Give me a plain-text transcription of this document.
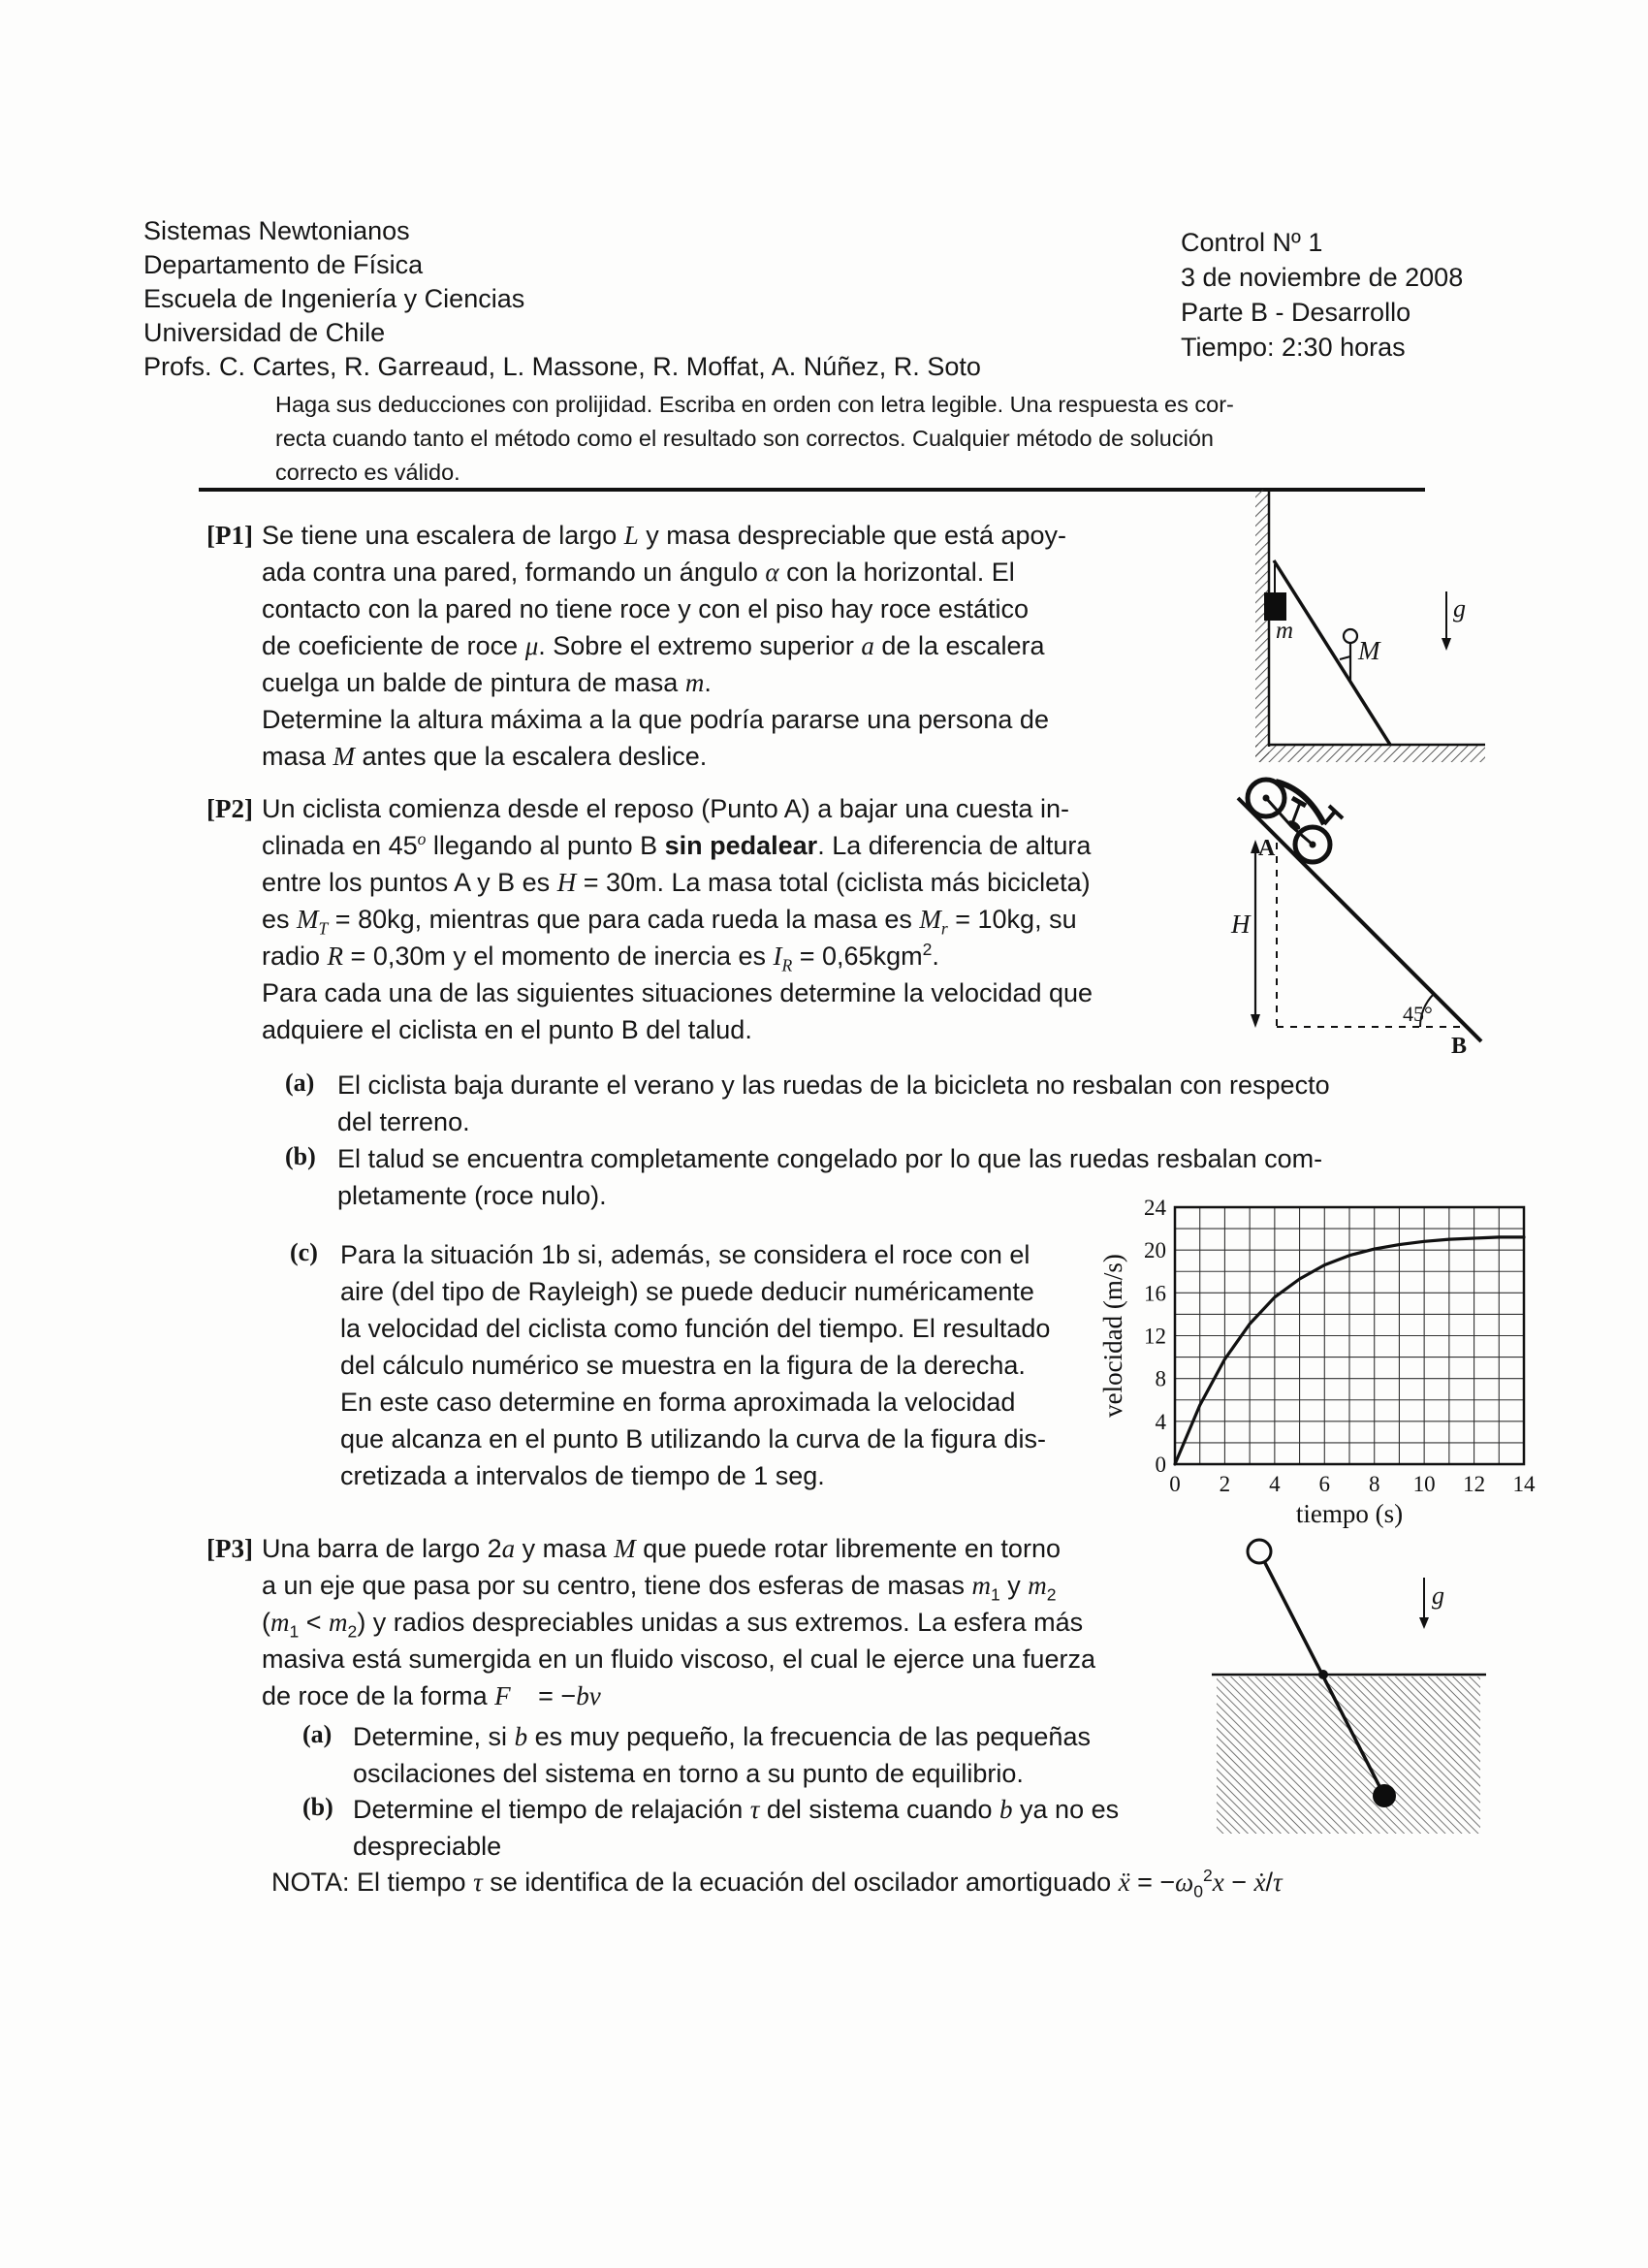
Sistemas Newtonianos
Departamento de Física
Escuela de Ingeniería y Ciencias
Universidad de Chile
Profs. C. Cartes, R. Garreaud, L. Massone, R. Moffat, A. Núñez, R. Soto
Control Nº 1
3 de noviembre de 2008
Parte B - Desarrollo
Tiempo: 2:30 horas
Haga sus deducciones con prolijidad. Escriba en orden con letra legible. Una respuesta es cor-
recta cuando tanto el método como el resultado son correctos. Cualquier método de solución
correcto es válido.
[P1] Se tiene una escalera de largo L y masa despreciable que está apoy-
ada contra una pared, formando un ángulo α con la horizontal. El
contacto con la pared no tiene roce y con el piso hay roce estático
de coeficiente de roce μ. Sobre el extremo superior a de la escalera
cuelga un balde de pintura de masa m.
Determine la altura máxima a la que podría pararse una persona de
masa M antes que la escalera deslice.
m
M
g
[P2] Un ciclista comienza desde el reposo (Punto A) a bajar una cuesta in-
clinada en 45$^o$ llegando al punto B sin pedalear. La diferencia de altura
entre los puntos A y B es H = 30m. La masa total (ciclista más bicicleta)
es $M_T = 80kg$, mientras que para cada rueda la masa es $M_r = 10kg$, su
radio R = 0,30m y el momento de inercia es $I_R = 0,65kgm^2$.
Para cada una de las siguientes situaciones determine la velocidad que
adquiere el ciclista en el punto B del talud.
A
H
45°
B
(a) El ciclista baja durante el verano y las ruedas de la bicicleta no resbalan con respecto
del terreno.
(b) El talud se encuentra completamente congelado por lo que las ruedas resbalan com-
pletamente (roce nulo).
(c) Para la situación 1b si, además, se considera el roce con el
aire (del tipo de Rayleigh) se puede deducir numéricamente
la velocidad del ciclista como función del tiempo. El resultado
del cálculo numérico se muestra en la figura de la derecha.
En este caso determine en forma aproximada la velocidad
que alcanza en el punto B utilizando la curva de la figura dis-
cretizada a intervalos de tiempo de 1 seg.	0 2 4 6 8 10 12 14
0
4
8
12
16
20
24
tiempo (s)
velocidad (m/s)
[P3] Una barra de largo 2a y masa M que puede rotar libremente en torno
a un eje que pasa por su centro, tiene dos esferas de masas $m_1$ y $m_2$
$(m_1 < m_2)$ y radios despreciables unidas a sus extremos. La esfera más
masiva está sumergida en un fluido viscoso, el cual le ejerce una fuerza
de roce de la forma F⃗ = −bv⃗
(a) Determine, si b es muy pequeño, la frecuencia de las pequeñas
oscilaciones del sistema en torno a su punto de equilibrio.
(b) Determine el tiempo de relajación τ del sistema cuando b ya no es
despreciable
NOTA: El tiempo τ se identifica de la ecuación del oscilador amortiguado ẍ = $-\omega_0^2x$ − ẋ/τ
g
